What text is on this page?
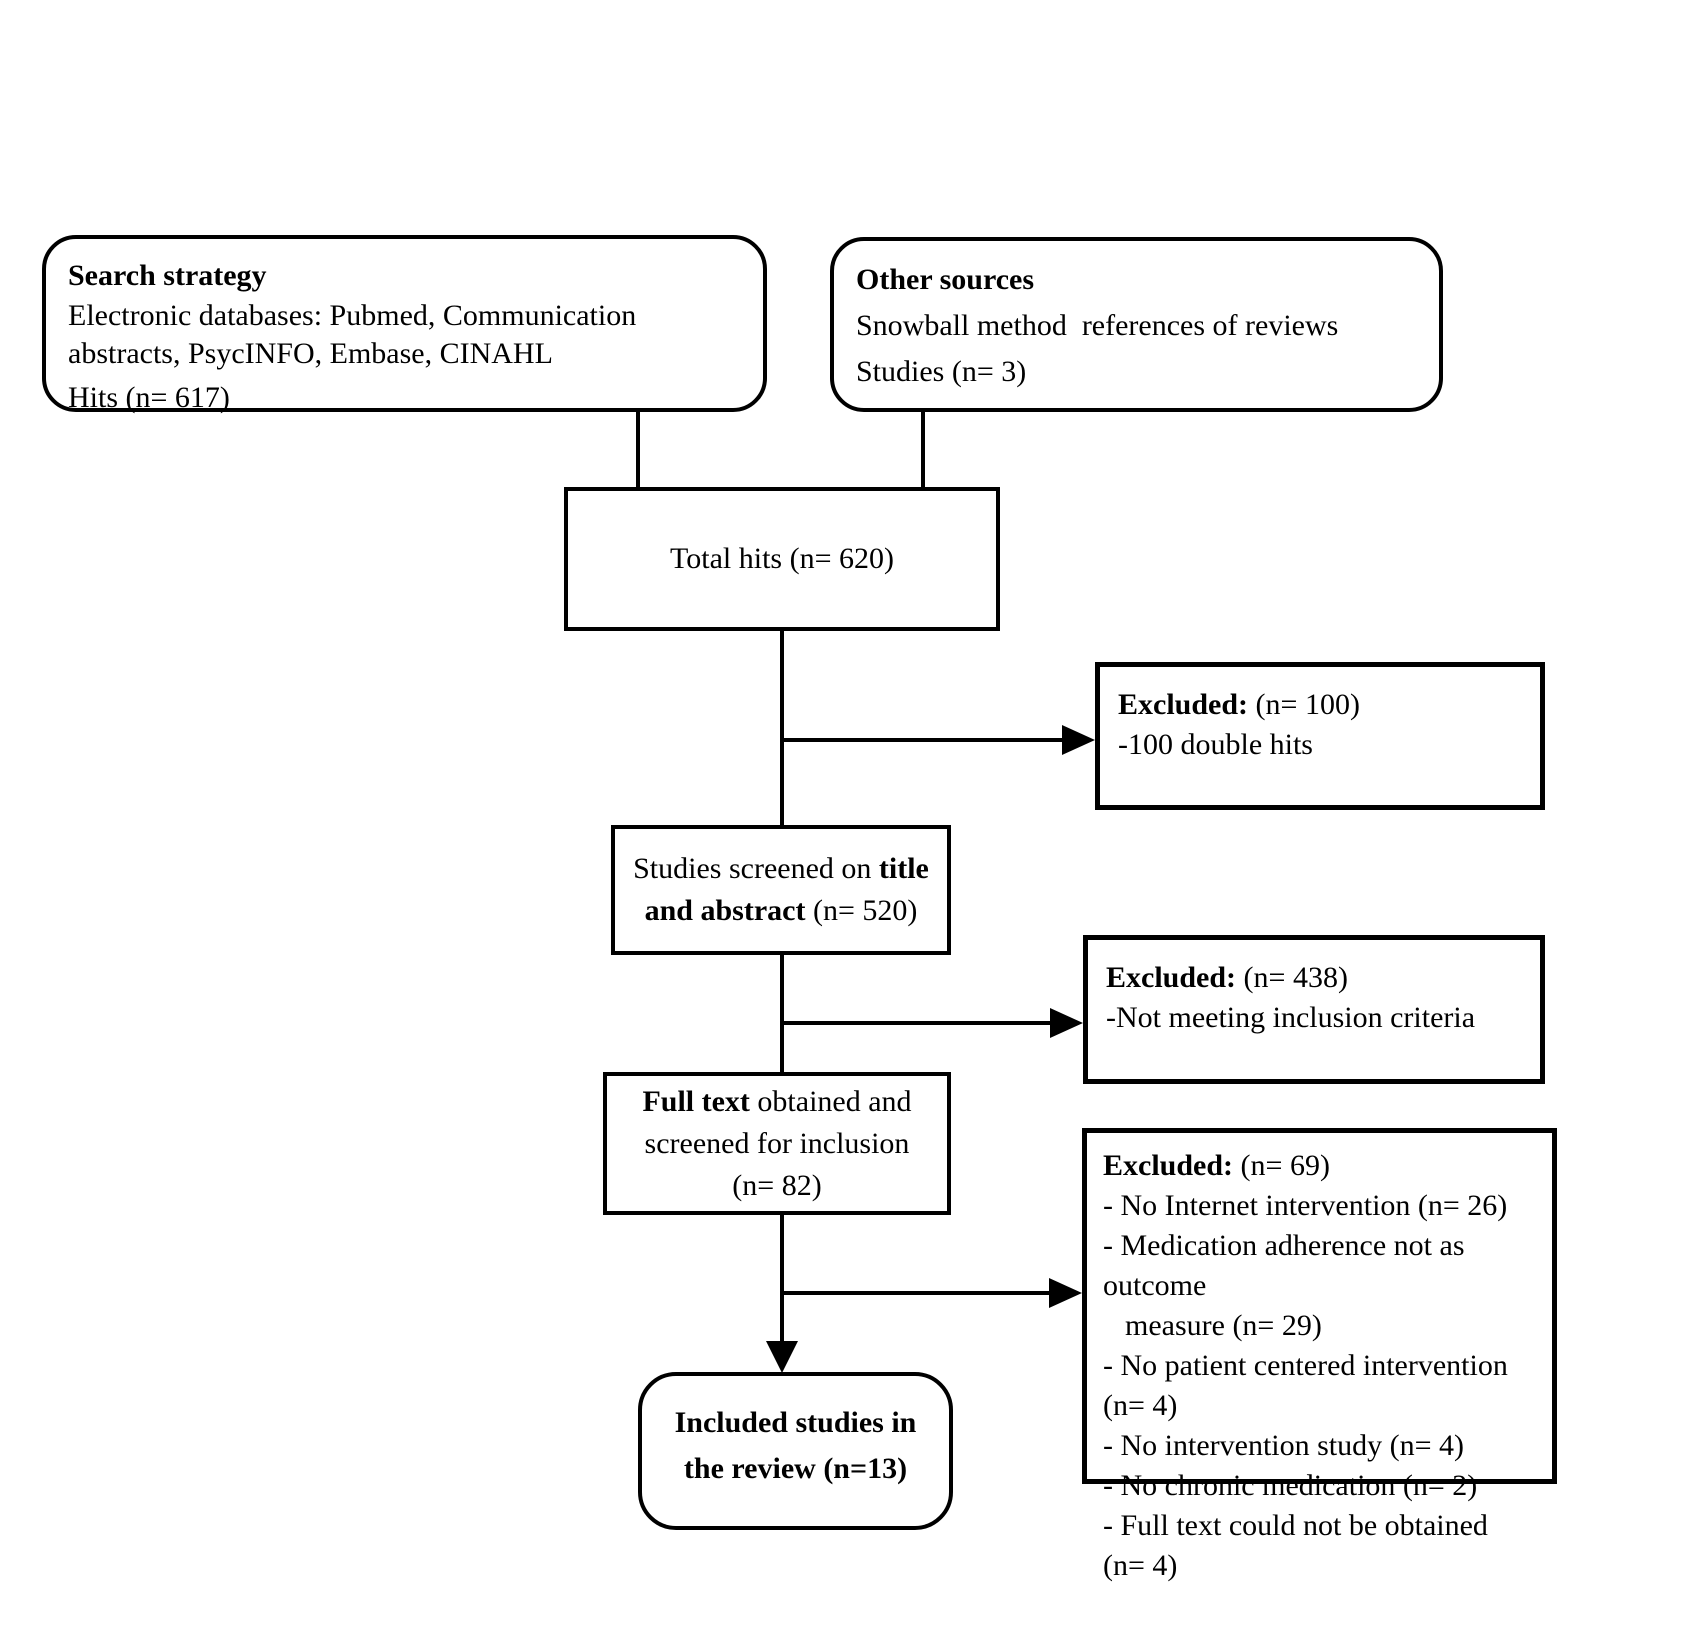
Search strategy

Electronic databases: Pubmed, Communication

abstracts, PsycINFO, Embase, CINAHL

Hits (n= 617)

Other sources

Snowball method  references of reviews

Studies (n= 3)

Total hits (n= 620)

Excluded: (n= 100)

-100 double hits

Studies screened on title

and abstract (n= 520)

Excluded: (n= 438)

-Not meeting inclusion criteria

Full text obtained and

screened for inclusion

(n= 82)

Excluded: (n= 69)

- No Internet intervention (n= 26)

- Medication adherence not as outcome

measure (n= 29)

- No patient centered intervention (n= 4)

- No intervention study (n= 4)

- No chronic medication (n= 2)

- Full text could not be obtained (n= 4)

Included studies in

the review (n=13)
